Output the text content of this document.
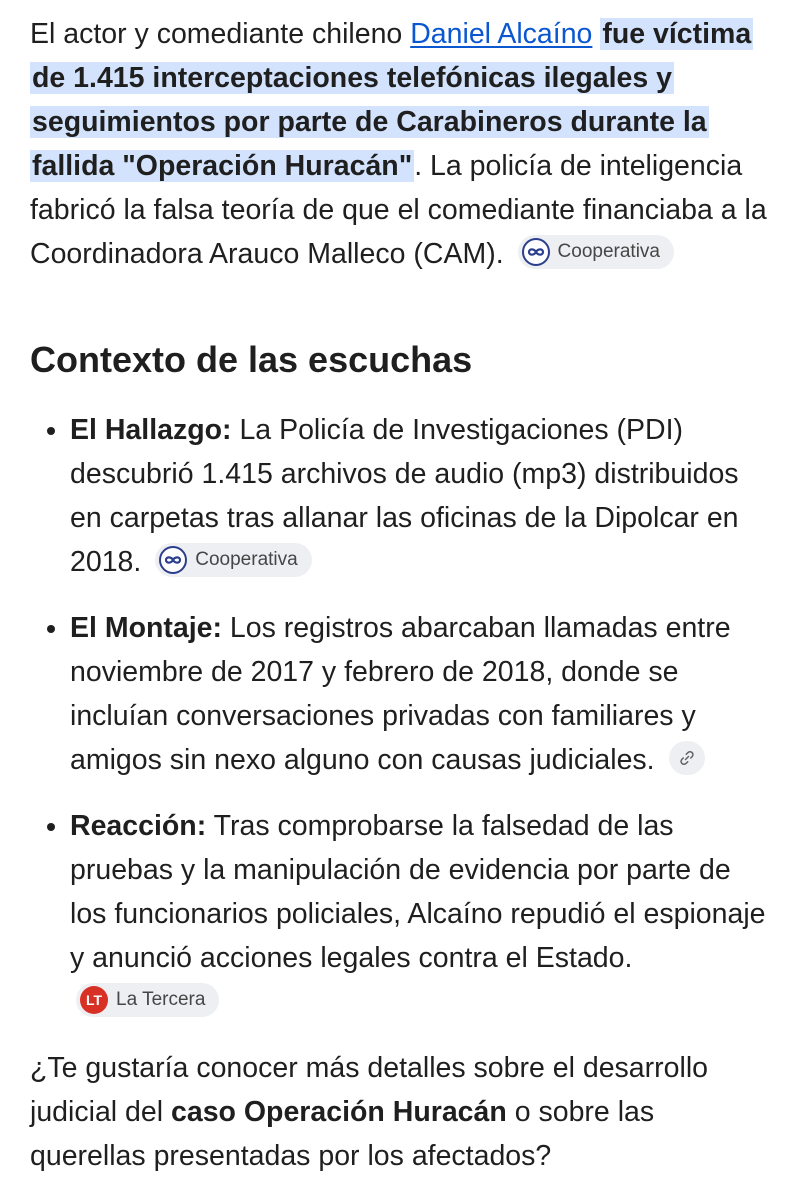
El actor y comediante chileno Daniel Alcaíno fue víctima de 1.415 interceptaciones telefónicas ilegales y seguimientos por parte de Carabineros durante la fallida "Operación Huracán". La policía de inteligencia fabricó la falsa teoría de que el comediante financiaba a la Coordinadora Arauco Malleco (CAM).	Cooperativa

Contexto de las escuchas
• El Hallazgo: La Policía de Investigaciones (PDI) descubrió 1.415 archivos de audio (mp3) distribuidos en carpetas tras allanar las oficinas de la Dipolcar en 2018.	Cooperativa
• El Montaje: Los registros abarcaban llamadas entre noviembre de 2017 y febrero de 2018, donde se incluían conversaciones privadas con familiares y amigos sin nexo alguno con causas judiciales.
• Reacción: Tras comprobarse la falsedad de las pruebas y la manipulación de evidencia por parte de los funcionarios policiales, Alcaíno repudió el espionaje y anunció acciones legales contra el Estado.
LT La Tercera

¿Te gustaría conocer más detalles sobre el desarrollo judicial del caso Operación Huracán o sobre las querellas presentadas por los afectados?
